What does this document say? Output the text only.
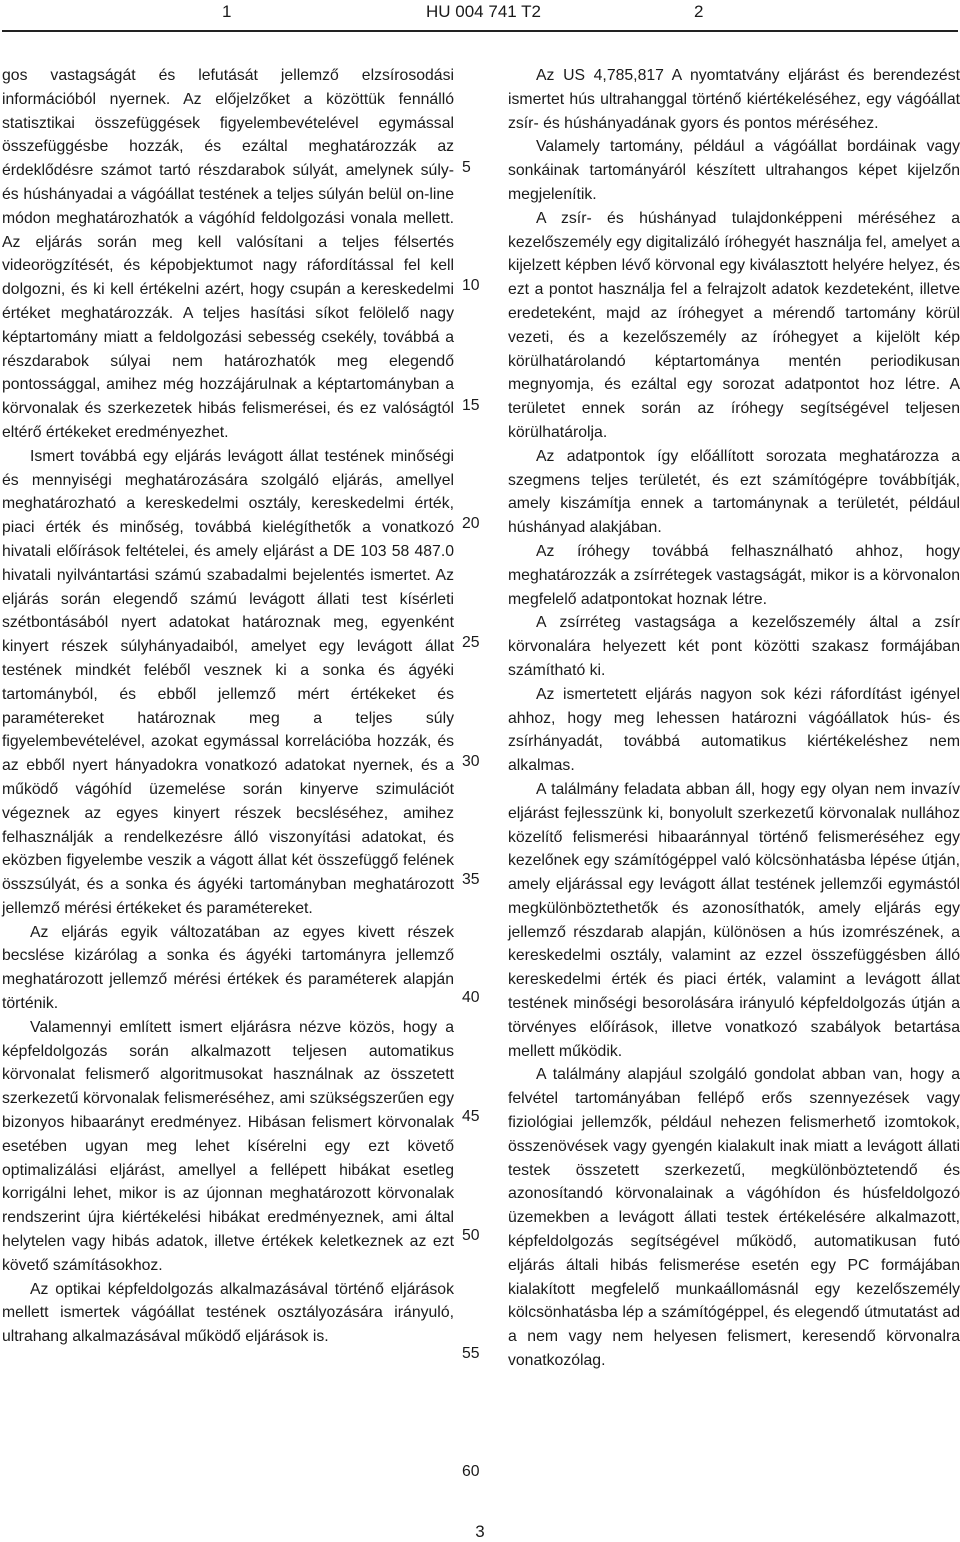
1	HU 004 741 T2	2

gos vastagságát és lefutását jellemző elzsírosodási információból nyernek. Az előjelzőket a közöttük fennálló statisztikai összefüggések figyelembevételével egymással összefüggésbe hozzák, és ezáltal meghatározzák az érdeklődésre számot tartó részdarabok súlyát, amelynek súly- és húshányadai a vágóállat testének a teljes súlyán belül on-line módon meghatározhatók a vágóhíd feldolgozási vonala mellett. Az eljárás során meg kell valósítani a teljes félsertés videorögzítését, és képobjektumot nagy ráfordítással fel kell dolgozni, és ki kell értékelni azért, hogy csupán a kereskedelmi értéket meghatározzák. A teljes hasítási síkot felölelő nagy képtartomány miatt a feldolgozási sebesség csekély, továbbá a részdarabok súlyai nem határozhatók meg elegendő pontossággal, amihez még hozzájárulnak a képtartományban a körvonalak és szerkezetek hibás felismerései, és ez valóságtól eltérő értékeket eredményezhet.

Ismert továbbá egy eljárás levágott állat testének minőségi és mennyiségi meghatározására szolgáló eljárás, amellyel meghatározható a kereskedelmi osztály, kereskedelmi érték, piaci érték és minőség, továbbá kielégíthetők a vonatkozó hivatali előírások feltételei, és amely eljárást a DE 103 58 487.0 hivatali nyilvántartási számú szabadalmi bejelentés ismertet. Az eljárás során elegendő számú levágott állati test kísérleti szétbontásából nyert adatokat határoznak meg, egyenként kinyert részek súlyhányadaiból, amelyet egy levágott állat testének mindkét feléből vesznek ki a sonka és ágyéki tartományból, és ebből jellemző mért értékeket és paramétereket határoznak meg a teljes súly figyelembevételével, azokat egymással korrelációba hozzák, és az ebből nyert hányadokra vonatkozó adatokat nyernek, és a működő vágóhíd üzemelése során kinyerve szimulációt végeznek az egyes kinyert részek becsléséhez, amihez felhasználják a rendelkezésre álló viszonyítási adatokat, és eközben figyelembe veszik a vágott állat két összefüggő felének összsúlyát, és a sonka és ágyéki tartományban meghatározott jellemző mérési értékeket és paramétereket.

Az eljárás egyik változatában az egyes kivett részek becslése kizárólag a sonka és ágyéki tartományra jellemző meghatározott jellemző mérési értékek és paraméterek alapján történik.

Valamennyi említett ismert eljárásra nézve közös, hogy a képfeldolgozás során alkalmazott teljesen automatikus körvonalat felismerő algoritmusokat használnak az összetett szerkezetű körvonalak felismeréséhez, ami szükségszerűen egy bizonyos hibaarányt eredményez. Hibásan felismert körvonalak esetében ugyan meg lehet kísérelni egy ezt követő optimalizálási eljárást, amellyel a fellépett hibákat esetleg korrigálni lehet, mikor is az újonnan meghatározott körvonalak rendszerint újra kiértékelési hibákat eredményeznek, ami által helytelen vagy hibás adatok, illetve értékek keletkeznek az ezt követő számításokhoz.

Az optikai képfeldolgozás alkalmazásával történő eljárások mellett ismertek vágóállat testének osztályozására irányuló, ultrahang alkalmazásával működő eljárások is.

5
10
15
20
25
30
35
40
45
50
55
60

Az US 4,785,817 A nyomtatvány eljárást és berendezést ismertet hús ultrahanggal történő kiértékeléséhez, egy vágóállat zsír- és húshányadának gyors és pontos méréséhez.

Valamely tartomány, például a vágóállat bordáinak vagy sonkáinak tartományáról készített ultrahangos képet kijelzőn megjelenítik.

A zsír- és húshányad tulajdonképpeni méréséhez a kezelőszemély egy digitalizáló íróhegyét használja fel, amelyet a kijelzett képben lévő körvonal egy kiválasztott helyére helyez, és ezt a pontot használja fel a felrajzolt adatok kezdeteként, illetve eredeteként, majd az íróhegyet a mérendő tartomány körül vezeti, és a kezelőszemély az íróhegyet a kijelölt kép körülhatárolandó képtartománya mentén periodikusan megnyomja, és ezáltal egy sorozat adatpontot hoz létre. A területet ennek során az íróhegy segítségével teljesen körülhatárolja.

Az adatpontok így előállított sorozata meghatározza a szegmens teljes területét, és ezt számítógépre továbbítják, amely kiszámítja ennek a tartománynak a területét, például húshányad alakjában.

Az íróhegy továbbá felhasználható ahhoz, hogy meghatározzák a zsírrétegek vastagságát, mikor is a körvonalon megfelelő adatpontokat hoznak létre.

A zsírréteg vastagsága a kezelőszemély által a zsír körvonalára helyezett két pont közötti szakasz formájában számítható ki.

Az ismertetett eljárás nagyon sok kézi ráfordítást igényel ahhoz, hogy meg lehessen határozni vágóállatok hús- és zsírhányadát, továbbá automatikus kiértékeléshez nem alkalmas.

A találmány feladata abban áll, hogy egy olyan nem invazív eljárást fejlesszünk ki, bonyolult szerkezetű körvonalak nullához közelítő felismerési hibaaránnyal történő felismeréséhez egy kezelőnek egy számítógéppel való kölcsönhatásba lépése útján, amely eljárással egy levágott állat testének jellemzői egymástól megkülönböztethetők és azonosíthatók, amely eljárás egy jellemző részdarab alapján, különösen a hús izomrészének, a kereskedelmi osztály, valamint az ezzel összefüggésben álló kereskedelmi érték és piaci érték, valamint a levágott állat testének minőségi besorolására irányuló képfeldolgozás útján a törvényes előírások, illetve vonatkozó szabályok betartása mellett működik.

A találmány alapjául szolgáló gondolat abban van, hogy a felvétel tartományában fellépő erős szennyezések vagy fiziológiai jellemzők, például nehezen felismerhető izomtokok, összenövések vagy gyengén kialakult inak miatt a levágott állati testek összetett szerkezetű, megkülönböztetendő és azonosítandó körvonalainak a vágóhídon és húsfeldolgozó üzemekben a levágott állati testek értékelésére alkalmazott, képfeldolgozás segítségével működő, automatikusan futó eljárás általi hibás felismerése esetén egy PC formájában kialakított megfelelő munkaállomásnál egy kezelőszemély kölcsönhatásba lép a számítógéppel, és elegendő útmutatást ad a nem vagy nem helyesen felismert, keresendő körvonalra vonatkozólag.

3
